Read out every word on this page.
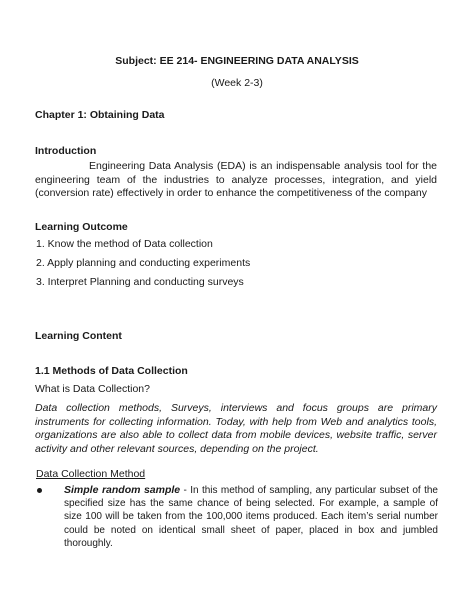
Subject: EE 214- ENGINEERING DATA ANALYSIS
(Week 2-3)
Chapter 1: Obtaining Data
Introduction
Engineering Data Analysis (EDA) is an indispensable analysis tool for the engineering team of the industries to analyze processes, integration, and yield (conversion rate) effectively in order to enhance the competitiveness of the company
Learning Outcome
1. Know the method of Data collection
2. Apply planning and conducting experiments
3. Interpret Planning and conducting surveys
Learning Content
1.1 Methods of Data Collection
What is Data Collection?
Data collection methods, Surveys, interviews and focus groups are primary instruments for collecting information. Today, with help from Web and analytics tools, organizations are also able to collect data from mobile devices, website traffic, server activity and other relevant sources, depending on the project.
Data Collection Method
Simple random sample - In this method of sampling, any particular subset of the specified size has the same chance of being selected. For example, a sample of size 100 will be taken from the 100,000 items produced. Each item’s serial number could be noted on identical small sheet of paper, placed in box and jumbled thoroughly.
